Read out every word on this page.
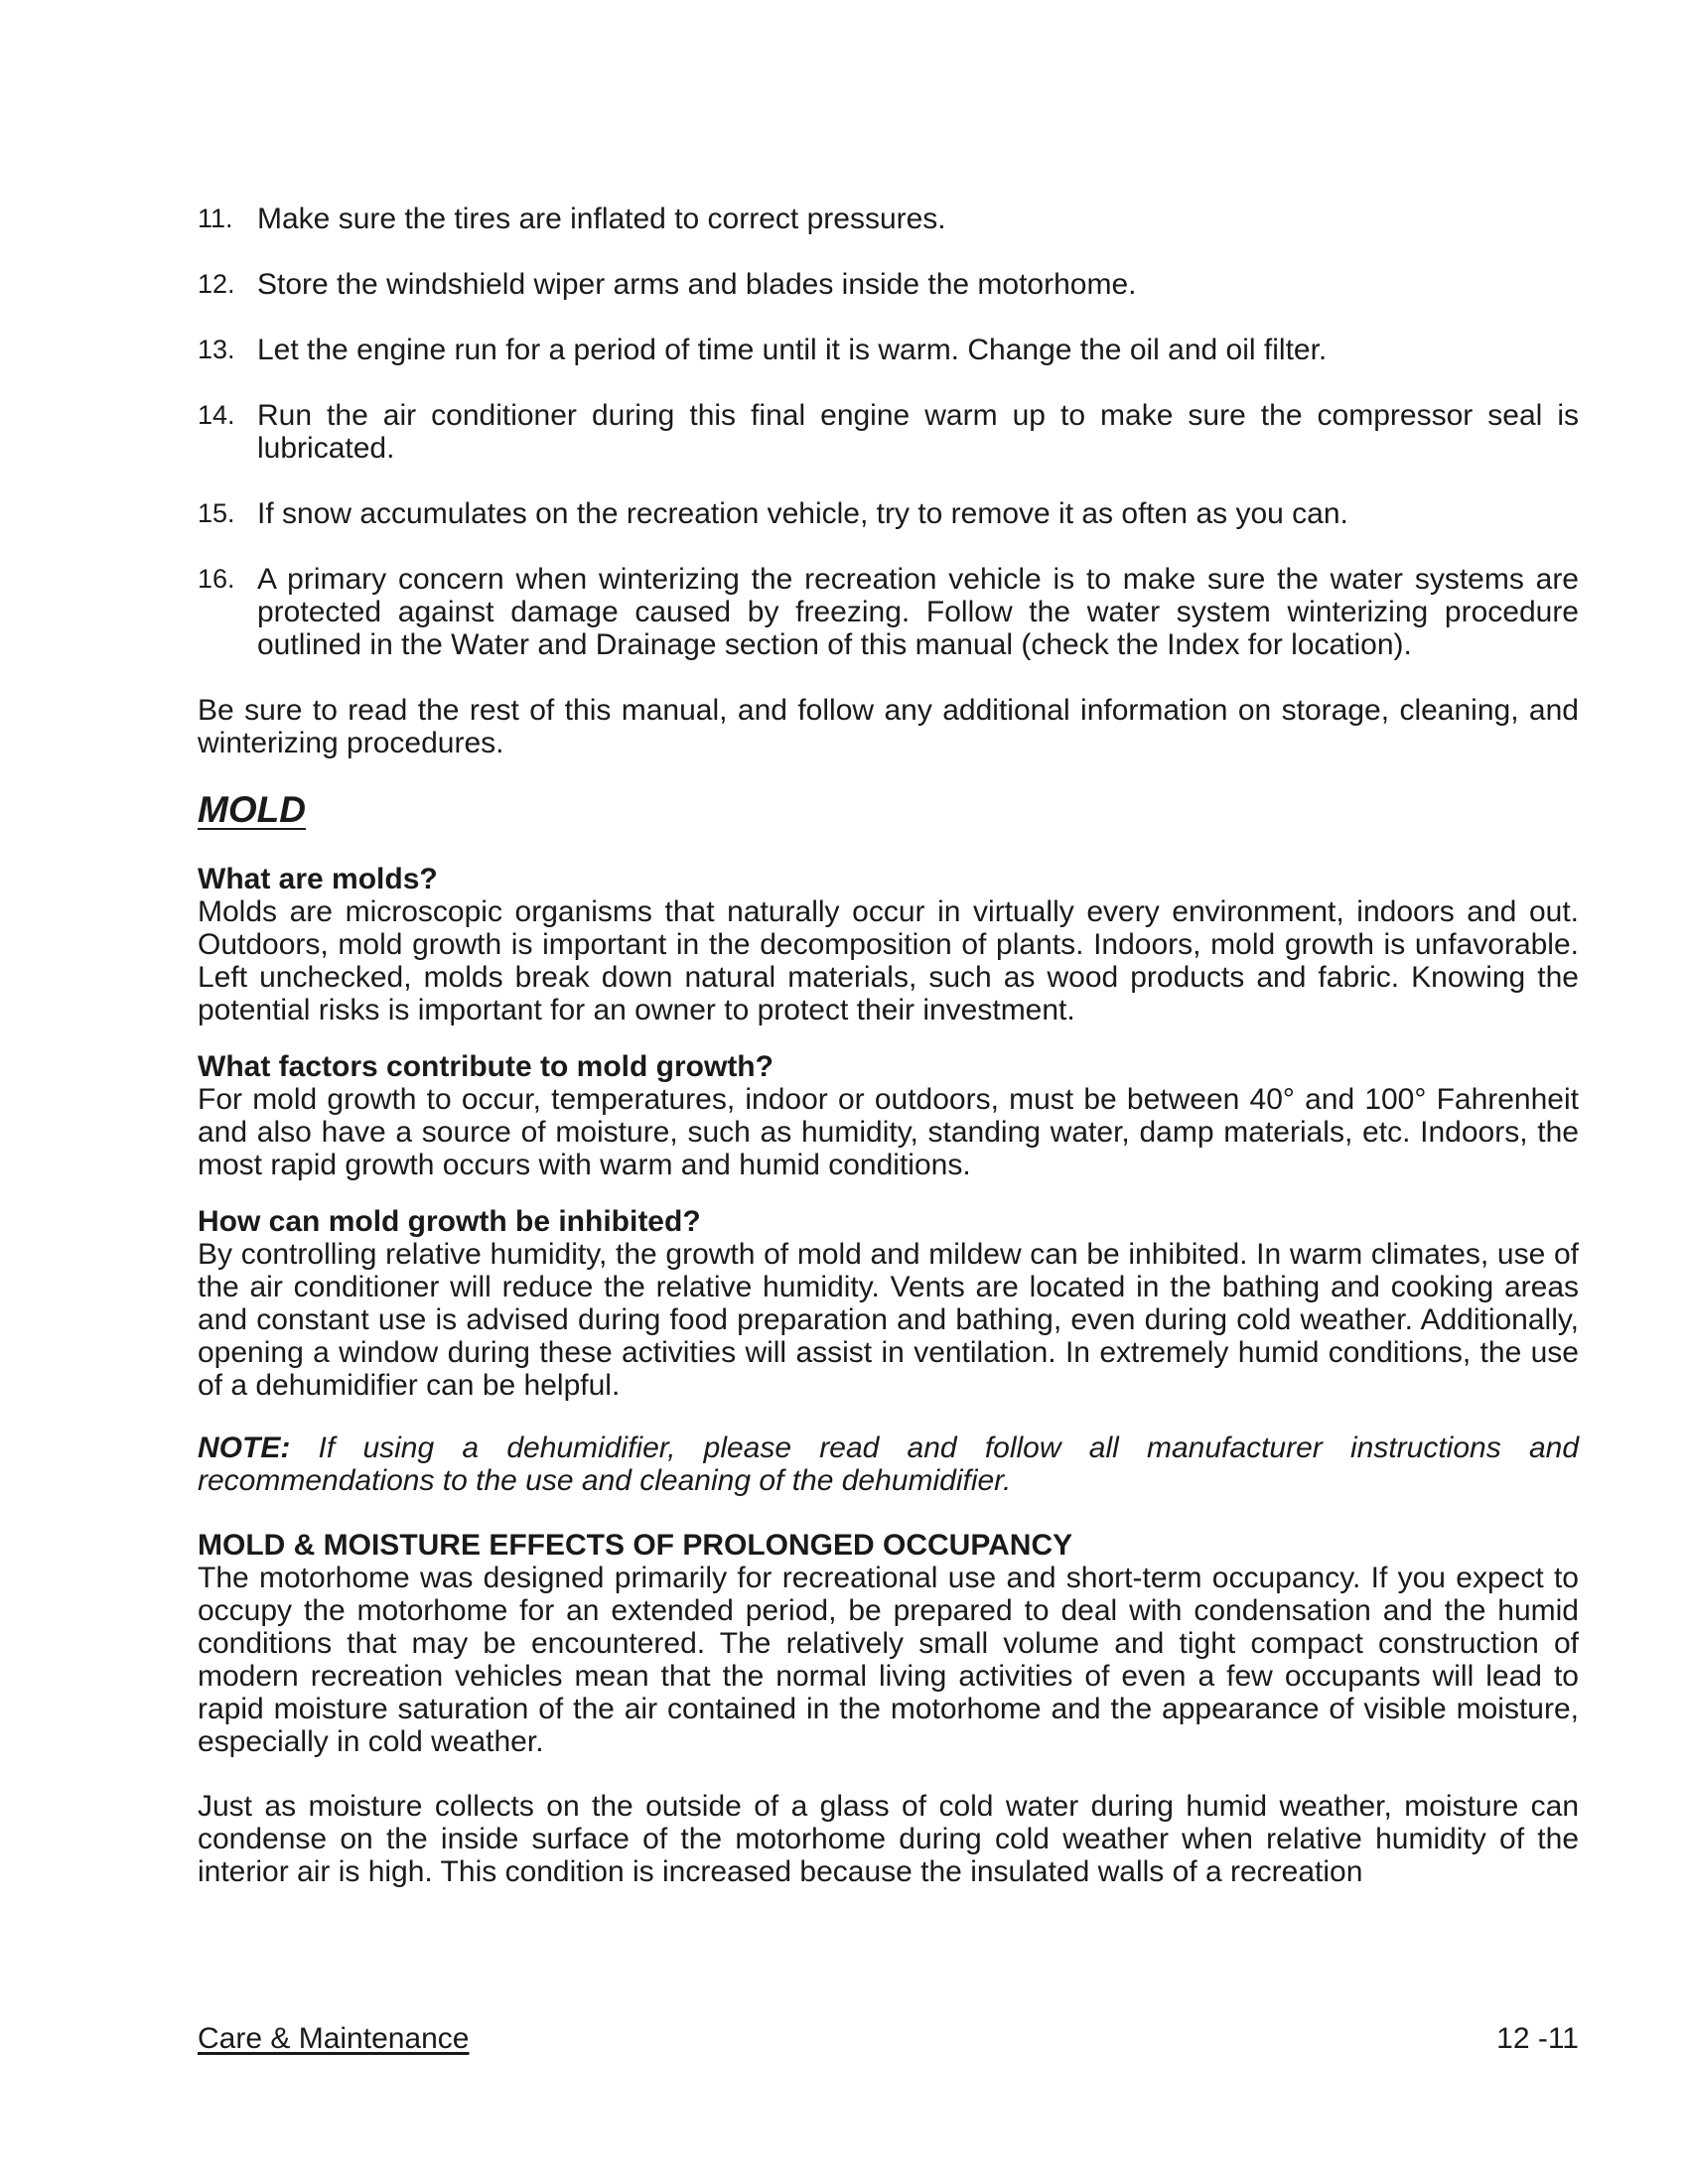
11. Make sure the tires are inflated to correct pressures.
12. Store the windshield wiper arms and blades inside the motorhome.
13. Let the engine run for a period of time until it is warm. Change the oil and oil filter.
14. Run the air conditioner during this final engine warm up to make sure the compressor seal is lubricated.
15. If snow accumulates on the recreation vehicle, try to remove it as often as you can.
16. A primary concern when winterizing the recreation vehicle is to make sure the water systems are protected against damage caused by freezing. Follow the water system winterizing procedure outlined in the Water and Drainage section of this manual (check the Index for location).

Be sure to read the rest of this manual, and follow any additional information on storage, cleaning, and winterizing procedures.

MOLD
What are molds?

Molds are microscopic organisms that naturally occur in virtually every environment, indoors and out. Outdoors, mold growth is important in the decomposition of plants. Indoors, mold growth is unfavorable. Left unchecked, molds break down natural materials, such as wood products and fabric. Knowing the potential risks is important for an owner to protect their investment.

What factors contribute to mold growth?

For mold growth to occur, temperatures, indoor or outdoors, must be between 40° and 100° Fahrenheit and also have a source of moisture, such as humidity, standing water, damp materials, etc. Indoors, the most rapid growth occurs with warm and humid conditions.

How can mold growth be inhibited?

By controlling relative humidity, the growth of mold and mildew can be inhibited. In warm climates, use of the air conditioner will reduce the relative humidity. Vents are located in the bathing and cooking areas and constant use is advised during food preparation and bathing, even during cold weather. Additionally, opening a window during these activities will assist in ventilation. In extremely humid conditions, the use of a dehumidifier can be helpful.

NOTE: If using a dehumidifier, please read and follow all manufacturer instructions and recommendations to the use and cleaning of the dehumidifier.

MOLD & MOISTURE EFFECTS OF PROLONGED OCCUPANCY

The motorhome was designed primarily for recreational use and short-term occupancy. If you expect to occupy the motorhome for an extended period, be prepared to deal with condensation and the humid conditions that may be encountered. The relatively small volume and tight compact construction of modern recreation vehicles mean that the normal living activities of even a few occupants will lead to rapid moisture saturation of the air contained in the motorhome and the appearance of visible moisture, especially in cold weather.

Just as moisture collects on the outside of a glass of cold water during humid weather, moisture can condense on the inside surface of the motorhome during cold weather when relative humidity of the interior air is high. This condition is increased because the insulated walls of a recreation

Care & Maintenance	12 -11
